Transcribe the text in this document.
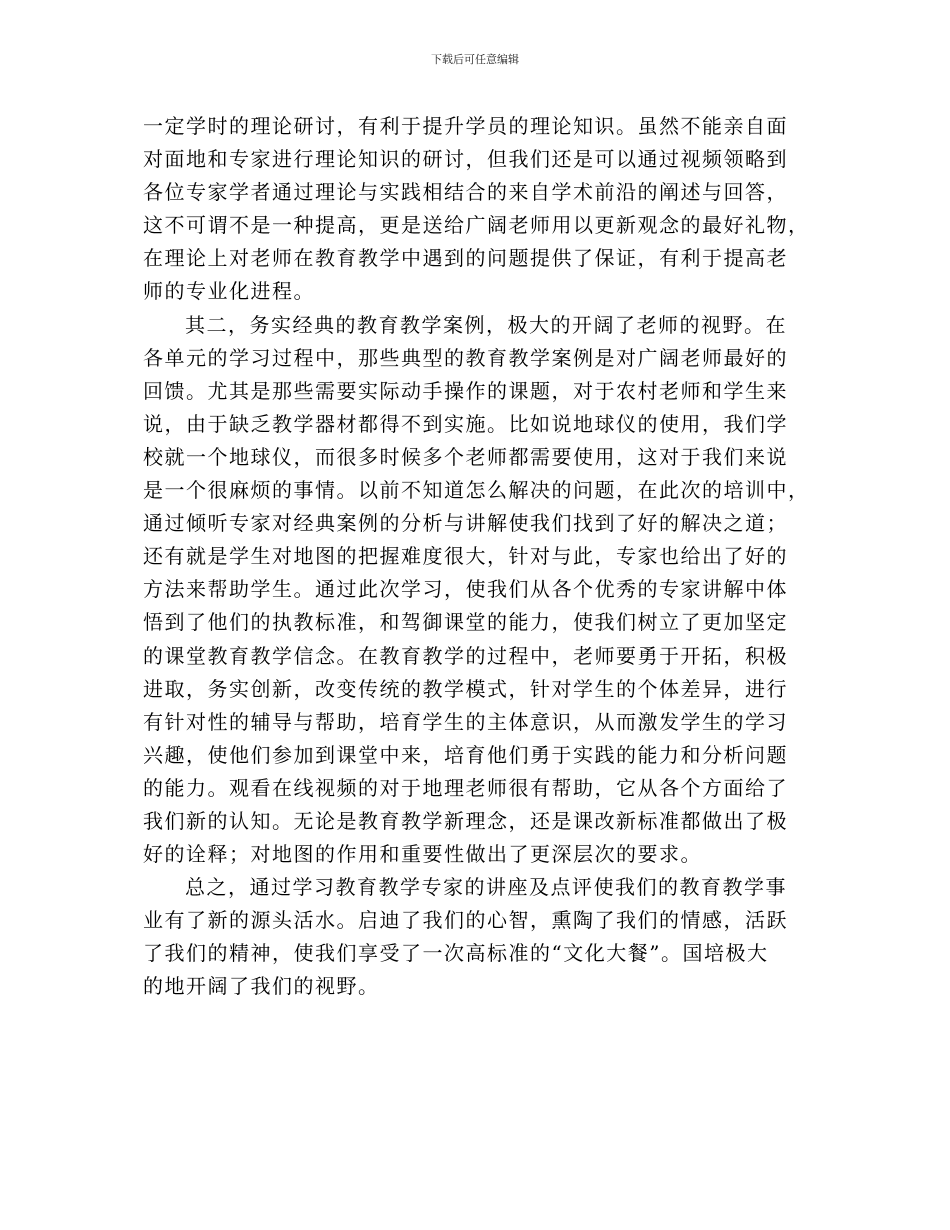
下载后可任意编辑
一定学时的理论研讨，有利于提升学员的理论知识。虽然不能亲自面
对面地和专家进行理论知识的研讨，但我们还是可以通过视频领略到
各位专家学者通过理论与实践相结合的来自学术前沿的阐述与回答，
这不可谓不是一种提高，更是送给广阔老师用以更新观念的最好礼物，
在理论上对老师在教育教学中遇到的问题提供了保证，有利于提高老
师的专业化进程。
其二，务实经典的教育教学案例，极大的开阔了老师的视野。在
各单元的学习过程中，那些典型的教育教学案例是对广阔老师最好的
回馈。尤其是那些需要实际动手操作的课题，对于农村老师和学生来
说，由于缺乏教学器材都得不到实施。比如说地球仪的使用，我们学
校就一个地球仪，而很多时候多个老师都需要使用，这对于我们来说
是一个很麻烦的事情。以前不知道怎么解决的问题，在此次的培训中，
通过倾听专家对经典案例的分析与讲解使我们找到了好的解决之道；
还有就是学生对地图的把握难度很大，针对与此，专家也给出了好的
方法来帮助学生。通过此次学习，使我们从各个优秀的专家讲解中体
悟到了他们的执教标准，和驾御课堂的能力，使我们树立了更加坚定
的课堂教育教学信念。在教育教学的过程中，老师要勇于开拓，积极
进取，务实创新，改变传统的教学模式，针对学生的个体差异，进行
有针对性的辅导与帮助，培育学生的主体意识，从而激发学生的学习
兴趣，使他们参加到课堂中来，培育他们勇于实践的能力和分析问题
的能力。观看在线视频的对于地理老师很有帮助，它从各个方面给了
我们新的认知。无论是教育教学新理念，还是课改新标准都做出了极
好的诠释；对地图的作用和重要性做出了更深层次的要求。
总之，通过学习教育教学专家的讲座及点评使我们的教育教学事
业有了新的源头活水。启迪了我们的心智，熏陶了我们的情感，活跃
了我们的精神，使我们享受了一次高标准的“文化大餐”。国培极大
的地开阔了我们的视野。
